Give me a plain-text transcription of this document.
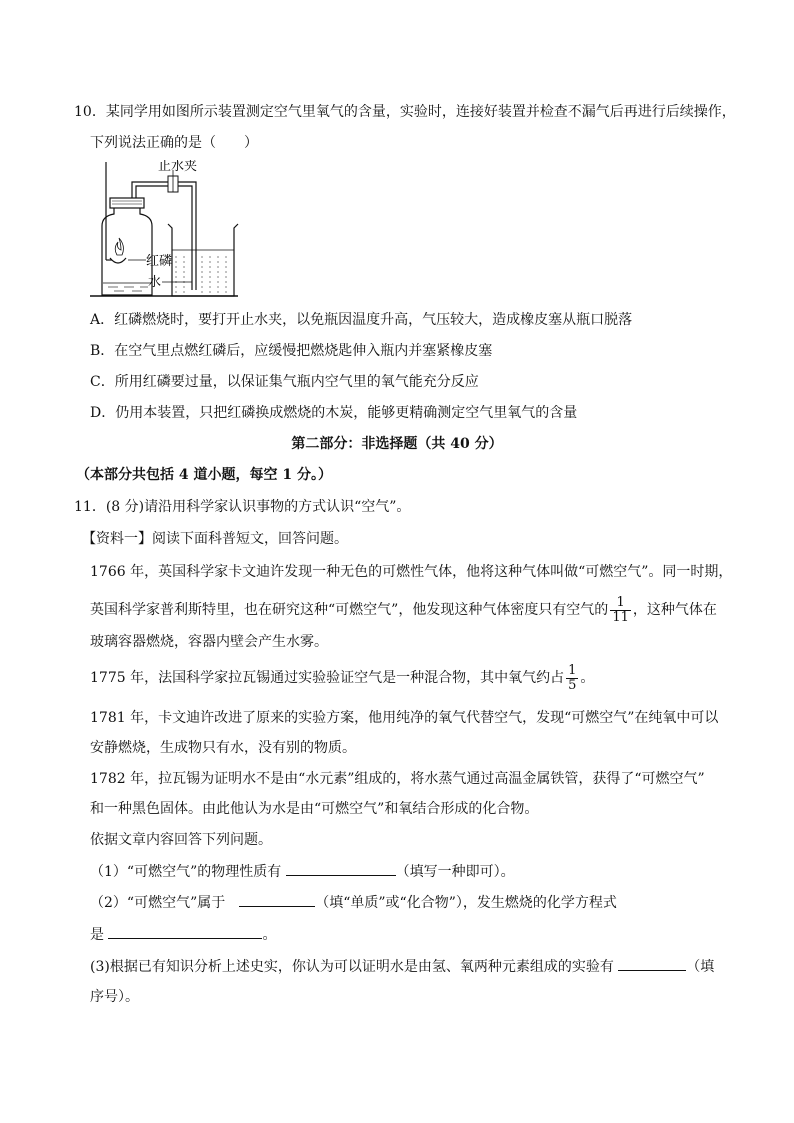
10．某同学用如图所示装置测定空气里氧气的含量，实验时，连接好装置并检查不漏气后再进行后续操作，
下列说法正确的是（　　）
止水夹
红磷
水
A．红磷燃烧时，要打开止水夹，以免瓶因温度升高，气压较大，造成橡皮塞从瓶口脱落
B．在空气里点燃红磷后，应缓慢把燃烧匙伸入瓶内并塞紧橡皮塞
C．所用红磷要过量，以保证集气瓶内空气里的氧气能充分反应
D．仍用本装置，只把红磷换成燃烧的木炭，能够更精确测定空气里氧气的含量
第二部分：非选择题（共 40 分）
（本部分共包括 4 道小题，每空 1 分。）
11．(8 分)请沿用科学家认识事物的方式认识“空气”。
【资料一】阅读下面科普短文，回答问题。
1766 年，英国科学家卡文迪许发现一种无色的可燃性气体，他将这种气体叫做“可燃空气”。同一时期，
英国科学家普利斯特里，也在研究这种“可燃空气”，他发现这种气体密度只有空气的 $\frac{1}{11}$ ，这种气体在
玻璃容器燃烧，容器内壁会产生水雾。
1775 年，法国科学家拉瓦锡通过实验验证空气是一种混合物，其中氧气约占 $\frac{1}{5}$ 。
1781 年，卡文迪许改进了原来的实验方案，他用纯净的氧气代替空气，发现“可燃空气”在纯氧中可以
安静燃烧，生成物只有水，没有别的物质。
1782 年，拉瓦锡为证明水不是由“水元素”组成的，将水蒸气通过高温金属铁管，获得了“可燃空气”
和一种黑色固体。由此他认为水是由“可燃空气”和氧结合形成的化合物。
依据文章内容回答下列问题。
（1）“可燃空气”的物理性质有	（填写一种即可）。
（2）“可燃空气”属于　	（填“单质”或“化合物”），发生燃烧的化学方程式
是	。
(3)根据已有知识分析上述史实，你认为可以证明水是由氢、氧两种元素组成的实验有	（填
序号）。
